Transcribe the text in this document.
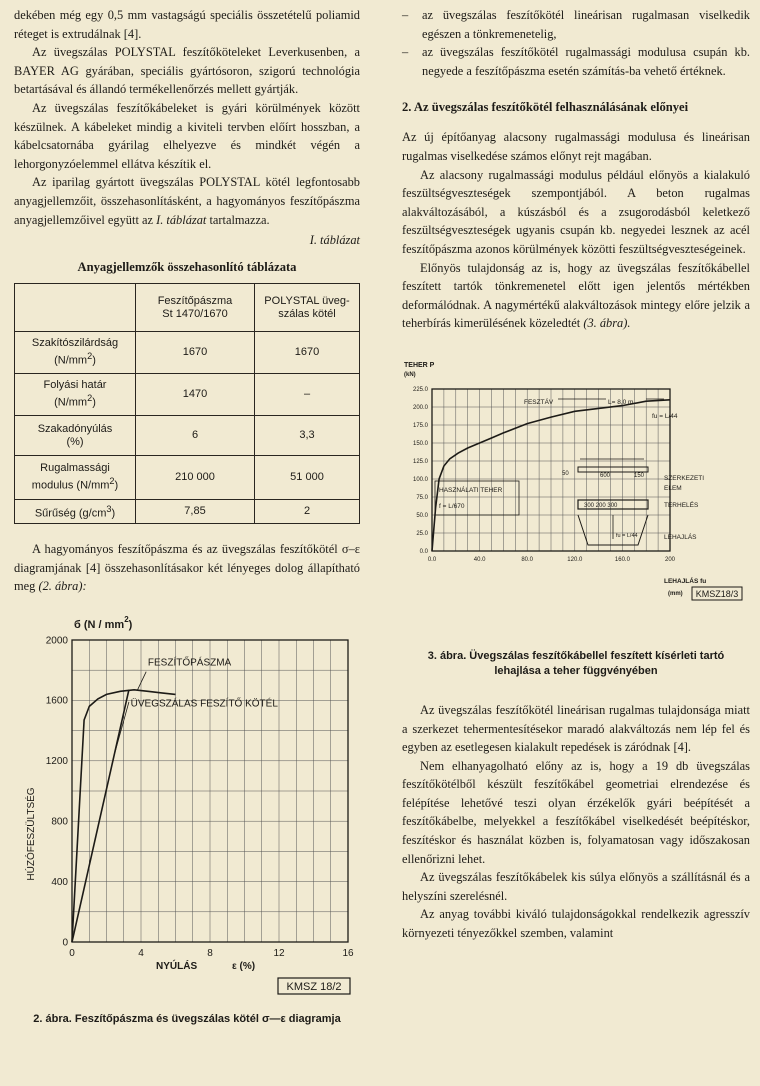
dekében még egy 0,5 mm vastagságú speciális összetételű poliamid réteget is extrudálnak [4].

Az üvegszálas POLYSTAL feszítőköteleket Leverkusenben, a BAYER AG gyárában, speciális gyártósoron, szigorú technológia betartásával és állandó termékellenőrzés mellett gyártják.

Az üvegszálas feszítőkábeleket is gyári körülmények között készülnek. A kábeleket mindig a kiviteli tervben előírt hosszban, a kábelcsatornába gyárilag elhelyezve és mindkét végén a lehorgonyzóelemmel ellátva készítik el.

Az iparilag gyártott üvegszálas POLYSTAL kötél legfontosabb anyagjellemzőit, összehasonlításként, a hagyományos feszítőpászma anyagjellemzőivel együtt az I. táblázat tartalmazza.

I. táblázat
Anyagjellemzők összehasonlító táblázata
	Feszítőpászma
St 1470/1670	POLYSTAL üveg-
szálas kötél
Szakítószilárdság
$(N/mm^2)$	1670	1670
Folyási határ
$(N/mm^2)$	1470	–
Szakadónyúlás
(%)	6	3,3
Rugalmassági
modulus $(N/mm^2)$	210 000	51 000
Sűrűség $(g/cm^3)$	7,85	2

A hagyományos feszítőpászma és az üvegszálas feszítőkötél σ–ε diagramjának [4] összehasonlításakor két lényeges dolog állapítható meg (2. ábra):

б $(N / mm^2)$
HÚZÓFESZÜLTSÉG
0	4	8	12	16
0
400
800
1200
1600
2000
FESZÍTŐPÁSZMA
ÜVEGSZÁLAS FESZÍTŐ KÖTÉL
NYÚLÁS	ε (%)
KMSZ 18/2
2. ábra. Feszítőpászma és üvegszálas kötél σ—ε diagramja

– az üvegszálas feszítőkötél lineárisan rugalmasan viselkedik egészen a tönkremenetelig,

– az üvegszálas feszítőkötél rugalmassági modulusa csupán kb. negyede a feszítőpászma esetén számítás-ba vehető értéknek.

2. Az üvegszálas feszítőkötél felhasználásának előnyei

Az új építőanyag alacsony rugalmassági modulusa és lineárisan rugalmas viselkedése számos előnyt rejt magában.

Az alacsony rugalmassági modulus például előnyös a kialakuló feszültségveszteségek szempontjából. A beton rugalmas alakváltozásából, a kúszásból és a zsugorodásból keletkező feszültségveszteségek ugyanis csupán kb. negyedei lesznek az acél feszítőpászma azonos körülmények közötti feszültségveszteségeinek.

Előnyös tulajdonság az is, hogy az üvegszálas feszítőkábellel feszített tartók tönkremenetel előtt igen jelentős mértékben deformálódnak. A nagymértékű alakváltozások mintegy előre jelzik a teherbírás kimerülésének közeledtét (3. ábra).

TEHER P
(kN)
0.0	40.0	80.0	120.0	160.0	200
0.0
25.0
50.0
75.0
100.0
125.0
150.0
175.0
200.0
225.0
FESZTÁV	L= 8,0 m
fu = L/44
HASZNÁLATI TEHER
f = L/670
50	600	150	SZERKEZETI
ELEM
300 200 300	TERHELÉS
fu = L/44	LEHAJLÁS
LEHAJLÁS fu
(mm) KMSZ18/3
3. ábra. Üvegszálas feszítőkábellel feszített kísérleti tartó lehajlása a teher függvényében

Az üvegszálas feszítőkötél lineárisan rugalmas tulajdonsága miatt a szerkezet tehermentesítésekor maradó alakváltozás nem lép fel és egyben az esetlegesen kialakult repedések is záródnak [4].

Nem elhanyagolható előny az is, hogy a 19 db üvegszálas feszítőkötélből készült feszítőkábel geometriai elrendezése és felépítése lehetővé teszi olyan érzékelők gyári beépítését a feszítőkábelbe, melyekkel a feszítőkábel viselkedését beépítéskor, feszítéskor és használat közben is, folyamatosan vagy időszakosan ellenőrizni lehet.

Az üvegszálas feszítőkábelek kis súlya előnyös a szállításnál és a helyszíni szerelésnél.

Az anyag további kiváló tulajdonságokkal rendelkezik agresszív környezeti tényezőkkel szemben, valamint
